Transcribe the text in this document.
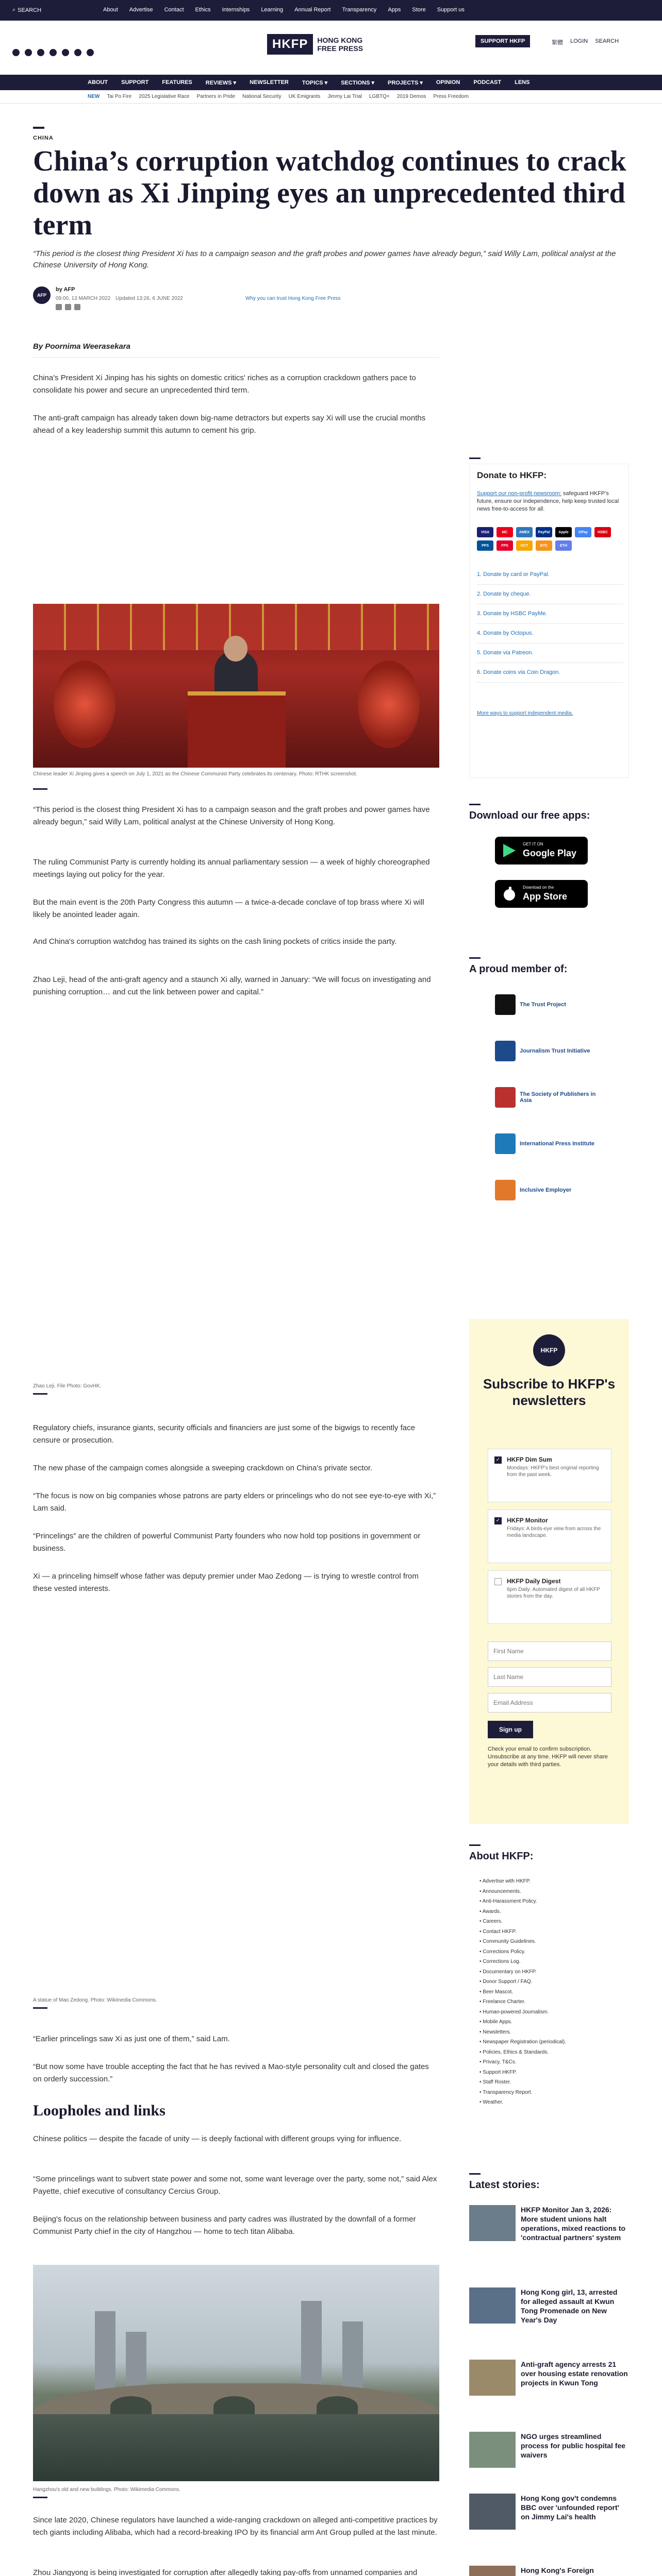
⌕ SEARCH	About Advertise Contact Ethics Internships Learning Annual Report Transparency Apps Store Support us
HKFP	HONG KONG
FREE PRESS
SUPPORT HKFP	繁體 LOGIN SEARCH
ABOUT SUPPORT FEATURES REVIEWS ▾ NEWSLETTER TOPICS ▾ SECTIONS ▾ PROJECTS ▾ OPINION PODCAST LENS
NEW Tai Po Fire 2025 Legislative Race Partners in Pride National Security UK Emigrants Jimmy Lai Trial LGBTQ+ 2019 Demos Press Freedom
CHINA
China’s corruption watchdog continues to crack down as Xi Jinping eyes an unprecedented third term
“This period is the closest thing President Xi has to a campaign season and the graft probes and power games have already begun,” said Willy Lam, political analyst at the Chinese University of Hong Kong.
AFP
by AFP
09:00, 13 MARCH 2022 Updated 13:26, 6 JUNE 2022	Why you can trust Hong Kong Free Press
By Poornima Weerasekara

China's President Xi Jinping has his sights on domestic critics' riches as a corruption crackdown gathers pace to consolidate his power and secure an unprecedented third term.

The anti-graft campaign has already taken down big-name detractors but experts say Xi will use the crucial months ahead of a key leadership summit this autumn to cement his grip.

Chinese leader Xi Jinping gives a speech on July 1, 2021 as the Chinese Communist Party celebrates its centenary. Photo: RTHK screenshot.

“This period is the closest thing President Xi has to a campaign season and the graft probes and power games have already begun,” said Willy Lam, political analyst at the Chinese University of Hong Kong.

The ruling Communist Party is currently holding its annual parliamentary session — a week of highly choreographed meetings laying out policy for the year.

But the main event is the 20th Party Congress this autumn — a twice-a-decade conclave of top brass where Xi will likely be anointed leader again.

And China's corruption watchdog has trained its sights on the cash lining pockets of critics inside the party.

Zhao Leji, head of the anti-graft agency and a staunch Xi ally, warned in January: “We will focus on investigating and punishing corruption… and cut the link between power and capital.”

Zhao Leji. File Photo: GovHK.

Regulatory chiefs, insurance giants, security officials and financiers are just some of the bigwigs to recently face censure or prosecution.

The new phase of the campaign comes alongside a sweeping crackdown on China's private sector.

“The focus is now on big companies whose patrons are party elders or princelings who do not see eye-to-eye with Xi,” Lam said.

“Princelings” are the children of powerful Communist Party founders who now hold top positions in government or business.

Xi — a princeling himself whose father was deputy premier under Mao Zedong — is trying to wrestle control from these vested interests.

A statue of Mao Zedong. Photo: Wikimedia Commons.

“Earlier princelings saw Xi as just one of them,” said Lam.

“But now some have trouble accepting the fact that he has revived a Mao-style personality cult and closed the gates on orderly succession.”

Loopholes and links

Chinese politics — despite the facade of unity — is deeply factional with different groups vying for influence.

“Some princelings want to subvert state power and some not, some want leverage over the party, some not,” said Alex Payette, chief executive of consultancy Cercius Group.

Beijing's focus on the relationship between business and party cadres was illustrated by the downfall of a former Communist Party chief in the city of Hangzhou — home to tech titan Alibaba.

Hangzhou's old and new buildings. Photo: Wikimedia Commons.

Since late 2020, Chinese regulators have launched a wide-ranging crackdown on alleged anti-competitive practices by tech giants including Alibaba, which had a record-breaking IPO by its financial arm Ant Group pulled at the last minute.

Zhou Jiangyong is being investigated for corruption after allegedly taking pay-offs from unnamed companies and

Donate to HKFP:
Support our non-profit newsroom: safeguard HKFP's future, ensure our independence, help keep trusted local news free-to-access for all.
VISA	MC	AMEX	PayPal	Apple	GPay	HSBC
PPS	FPS	OCT	BTC	ETH
1. Donate by card or PayPal.
2. Donate by cheque.
3. Donate by HSBC PayMe.
4. Donate by Octopus.
5. Donate via Patreon.
6. Donate coins via Coin Dragon.
More ways to support independent media.
Download our free apps:
GET IT ON
Google Play
Download on the
App Store
A proud member of:
The Trust Project
Journalism Trust Initiative
The Society of Publishers in Asia
International Press Institute
Inclusive Employer
HKFP
Subscribe to HKFP's newsletters
✓ HKFP Dim Sum
Mondays: HKFP's best original reporting from the past week.
✓ HKFP Monitor
Fridays: A birds-eye view from across the media landscape.
HKFP Daily Digest
6pm Daily: Automated digest of all HKFP stories from the day.
First Name
Last Name
Email Address
Sign up
Check your email to confirm subscription. Unsubscribe at any time. HKFP will never share your details with third parties.
About HKFP:
• Advertise with HKFP.
• Announcements.
• Anti-Harassment Policy.
• Awards.
• Careers.
• Contact HKFP.
• Community Guidelines.
• Corrections Policy.
• Corrections Log.
• Documentary on HKFP.
• Donor Support / FAQ.
• Beer Mascot.
• Freelance Charter.
• Human-powered Journalism.
• Mobile Apps.
• Newsletters.
• Newspaper Registration (periodical).
• Policies, Ethics & Standards.
• Privacy, T&Cs.
• Support HKFP.
• Staff Roster.
• Transparency Report.
• Weather.
Latest stories:
HKFP Monitor Jan 3, 2026: More student unions halt operations, mixed reactions to 'contractual partners' system
Hong Kong girl, 13, arrested for alleged assault at Kwun Tong Promenade on New Year's Day
Anti-graft agency arrests 21 over housing estate renovation projects in Kwun Tong
NGO urges streamlined process for public hospital fee waivers
Hong Kong gov't condemns BBC over 'unfounded report' on Jimmy Lai's health
Hong Kong's Foreign
